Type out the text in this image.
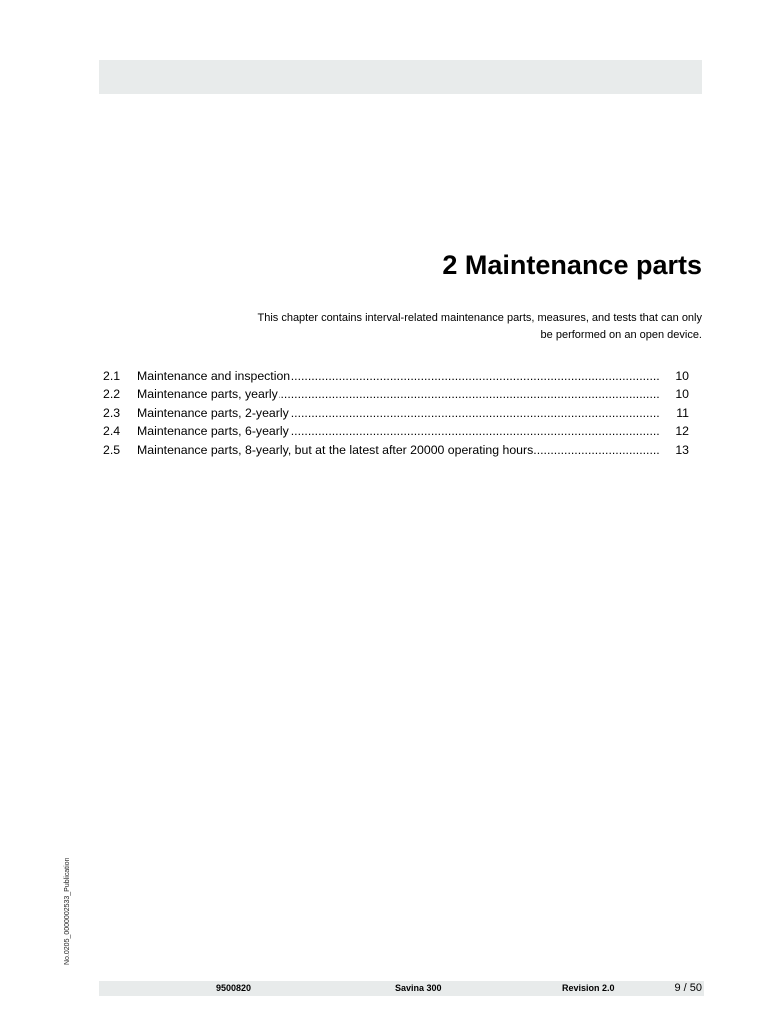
2 Maintenance parts

This chapter contains interval-related maintenance parts, measures, and tests that can only
be performed on an open device.

2.1	Maintenance and inspection .....	10
2.2	Maintenance parts, yearly .....	10
2.3	Maintenance parts, 2-yearly .....	11
2.4	Maintenance parts, 6-yearly .....	12
2.5	Maintenance parts, 8-yearly, but at the latest after 20000 operating hours .....	13
No.0205_0000002533_Publication
9500820	Savina 300	Revision 2.0	9 / 50
